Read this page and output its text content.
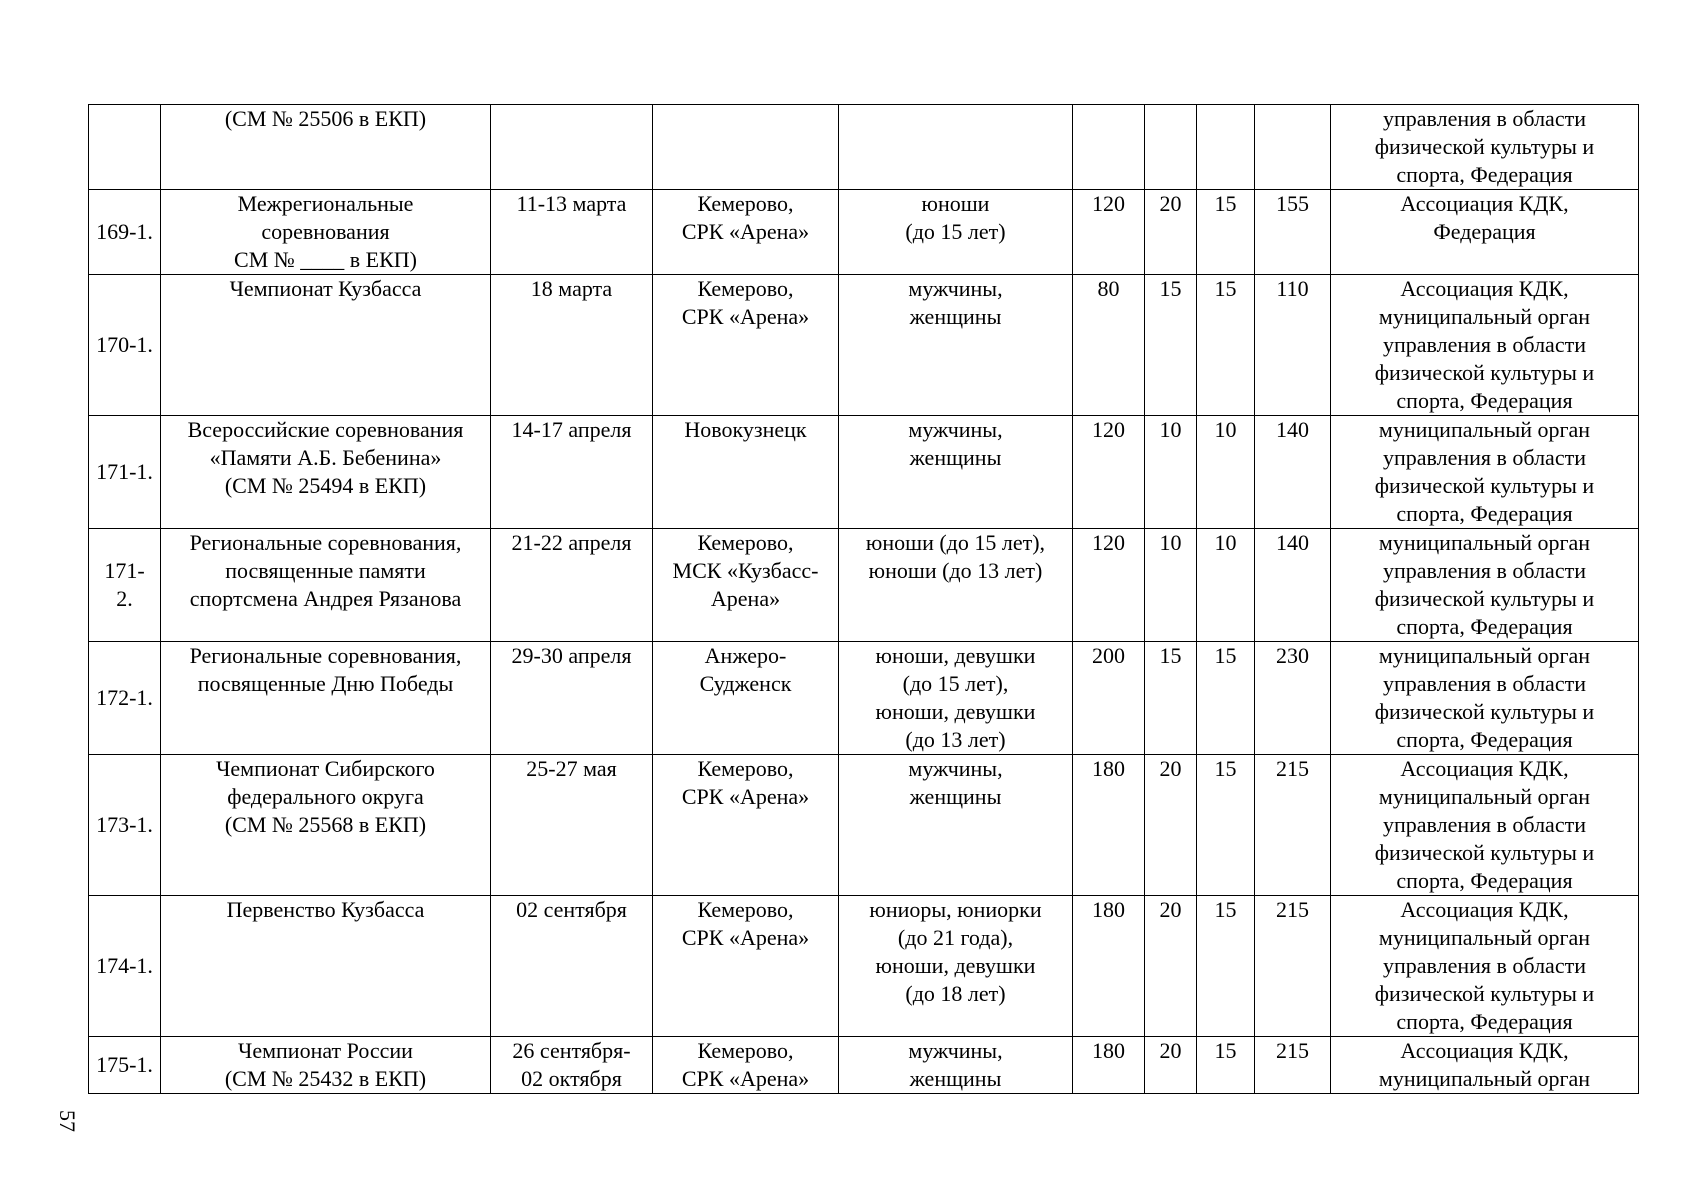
	(СМ № 25506 в ЕКП)								управления в области
физической культуры и
спорта, Федерация
169-1.	Межрегиональные
соревнования
СМ № ____ в ЕКП)	11-13 марта	Кемерово,
СРК «Арена»	юноши
(до 15 лет)	120	20	15	155	Ассоциация КДК,
Федерация
170-1.	Чемпионат Кузбасса	18 марта	Кемерово,
СРК «Арена»	мужчины,
женщины	80	15	15	110	Ассоциация КДК,
муниципальный орган
управления в области
физической культуры и
спорта, Федерация
171-1.	Всероссийские соревнования
«Памяти А.Б. Бебенина»
(СМ № 25494 в ЕКП)	14-17 апреля	Новокузнецк	мужчины,
женщины	120	10	10	140	муниципальный орган
управления в области
физической культуры и
спорта, Федерация
171-
2.	Региональные соревнования,
посвященные памяти
спортсмена Андрея Рязанова	21-22 апреля	Кемерово,
МСК «Кузбасс-
Арена»	юноши (до 15 лет),
юноши (до 13 лет)	120	10	10	140	муниципальный орган
управления в области
физической культуры и
спорта, Федерация
172-1.	Региональные соревнования,
посвященные Дню Победы	29-30 апреля	Анжеро-
Судженск	юноши, девушки
(до 15 лет),
юноши, девушки
(до 13 лет)	200	15	15	230	муниципальный орган
управления в области
физической культуры и
спорта, Федерация
173-1.	Чемпионат Сибирского
федерального округа
(СМ № 25568 в ЕКП)	25-27 мая	Кемерово,
СРК «Арена»	мужчины,
женщины	180	20	15	215	Ассоциация КДК,
муниципальный орган
управления в области
физической культуры и
спорта, Федерация
174-1.	Первенство Кузбасса	02 сентября	Кемерово,
СРК «Арена»	юниоры, юниорки
(до 21 года),
юноши, девушки
(до 18 лет)	180	20	15	215	Ассоциация КДК,
муниципальный орган
управления в области
физической культуры и
спорта, Федерация
175-1.	Чемпионат России
(СМ № 25432 в ЕКП)	26 сентября-
02 октября	Кемерово,
СРК «Арена»	мужчины,
женщины	180	20	15	215	Ассоциация КДК,
муниципальный орган
57
